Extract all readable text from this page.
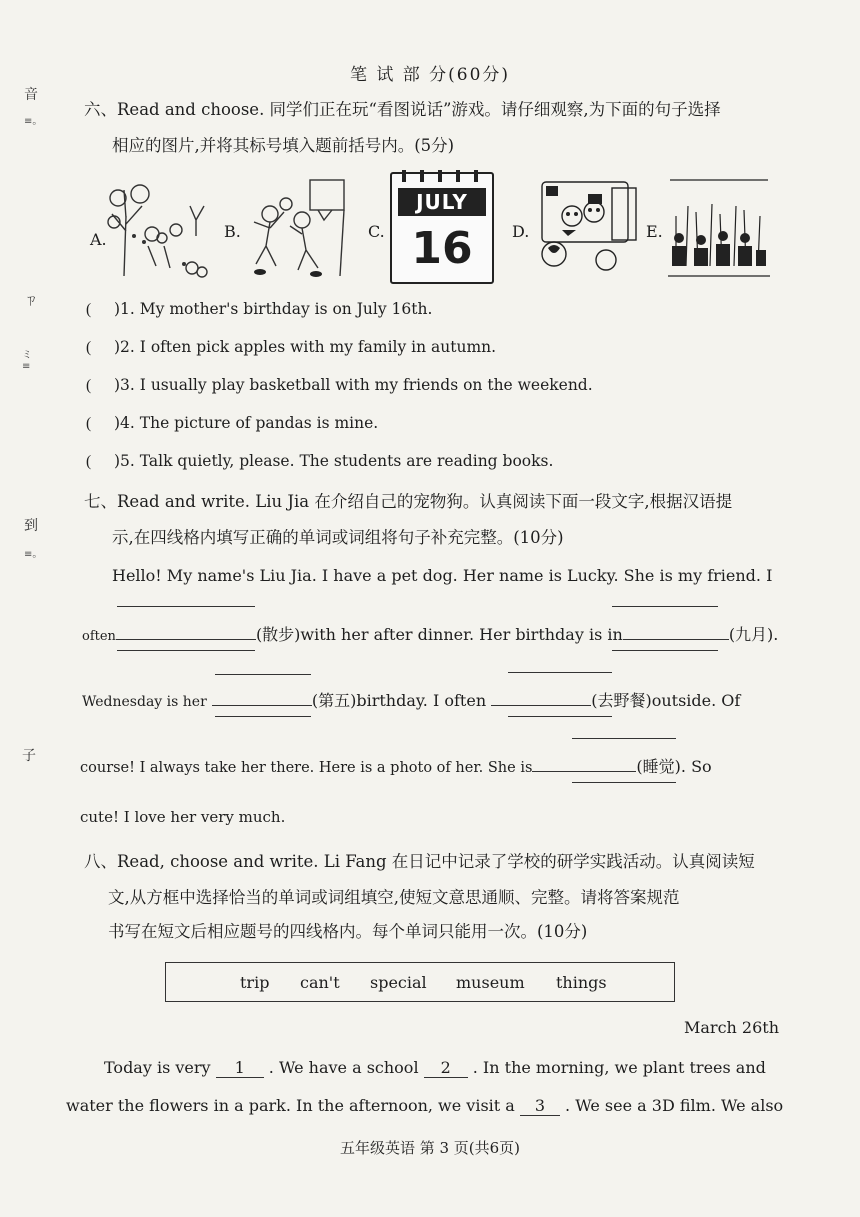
笔 试 部 分(60分)
音
≡。
ㄗ
ミ
≡
到
≡。
子
六、Read and choose. 同学们正在玩“看图说话”游戏。请仔细观察,为下面的句子选择
相应的图片,并将其标号填入题前括号内。(5分)
A.	B.	C.
JULY
16	D.	E.
( )1. My mother's birthday is on July 16th.
( )2. I often pick apples with my family in autumn.
( )3. I usually play basketball with my friends on the weekend.
( )4. The picture of pandas is mine.
( )5. Talk quietly, please. The students are reading books.
七、Read and write. Liu Jia 在介绍自己的宠物狗。认真阅读下面一段文字,根据汉语提
示,在四线格内填写正确的单词或词组将句子补充完整。(10分)
Hello! My name's Liu Jia. I have a pet dog. Her name is Lucky. She is my friend. I
often	(散步)with her after dinner. Her birthday is in	(九月).
Wednesday is her	(第五)birthday. I often	(去野餐)outside. Of
course! I always take her there. Here is a photo of her. She is	(睡觉). So
cute! I love her very much.
八、Read, choose and write. Li Fang 在日记中记录了学校的研学实践活动。认真阅读短
文,从方框中选择恰当的单词或词组填空,使短文意思通顺、完整。请将答案规范
书写在短文后相应题号的四线格内。每个单词只能用一次。(10分)
trip can't special museum things
March 26th
Today is very 1 . We have a school 2 . In the morning, we plant trees and
water the flowers in a park. In the afternoon, we visit a 3 . We see a 3D film. We also
五年级英语 第 3 页(共6页)
